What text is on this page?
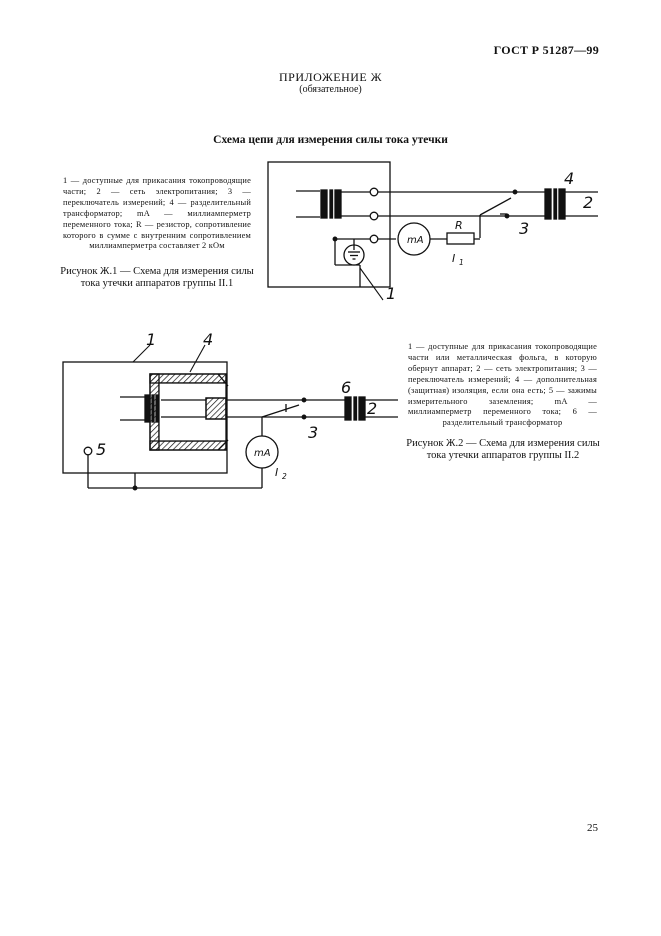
ГОСТ Р 51287—99
ПРИЛОЖЕНИЕ Ж
(обязательное)
Схема цепи для измерения силы тока утечки
1 — доступные для прикасания токопроводящие части; 2 — сеть электропитания; 3 — переключатель измерений; 4 — разделительный трансформатор; mA — миллиамперметр переменного тока; R — резистор, сопротивление которого в сумме с внутренним сопротивлением миллиамперметра составляет 2 кОм
Рисунок Ж.1 — Схема для измерения силы тока утечки аппаратов группы II.1
1 — доступные для прикасания токопроводящие части или металлическая фольга, в которую обернут аппарат; 2 — сеть электропитания; 3 — переключатель измерений; 4 — дополнительная (защитная) изоляция, если она есть; 5 — зажимы измерительного заземления; mA — миллиамперметр переменного тока; 6 — разделительный трансформатор
Рисунок Ж.2 — Схема для измерения силы тока утечки аппаратов группы II.2
25
mA
R
I 1
4
2
3
1
mA
I 2
1	4
6
2
3
5
